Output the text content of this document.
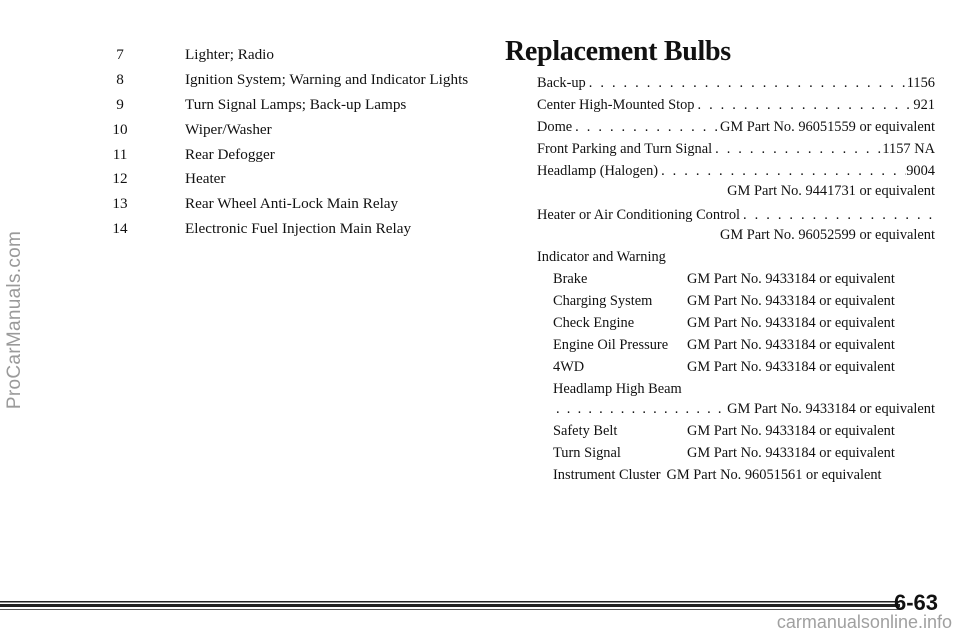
ProCarManuals.com
7	Lighter; Radio
8	Ignition System; Warning and Indicator Lights
9	Turn Signal Lamps; Back-up Lamps
10	Wiper/Washer
11	Rear Defogger
12	Heater
13	Rear Wheel Anti-Lock Main Relay
14	Electronic Fuel Injection Main Relay
Replacement Bulbs
Back-up . . .	1156
Center High-Mounted Stop . . .	921
Dome . . .	GM Part No. 96051559 or equivalent
Front Parking and Turn Signal . . .	1157 NA
Headlamp (Halogen) . . .	9004
GM Part No. 9441731 or equivalent
Heater or Air Conditioning Control
. . .
GM Part No. 96052599 or equivalent
Indicator and Warning
Brake	GM Part No. 9433184 or equivalent
Charging System	GM Part No. 9433184 or equivalent
Check Engine	GM Part No. 9433184 or equivalent
Engine Oil Pressure	GM Part No. 9433184 or equivalent
4WD	GM Part No. 9433184 or equivalent
Headlamp High Beam
. . .
GM Part No. 9433184 or equivalent
Safety Belt	GM Part No. 9433184 or equivalent
Turn Signal	GM Part No. 9433184 or equivalent
Instrument Cluster GM Part No. 96051561 or equivalent
6-63
carmanualsonline.info
